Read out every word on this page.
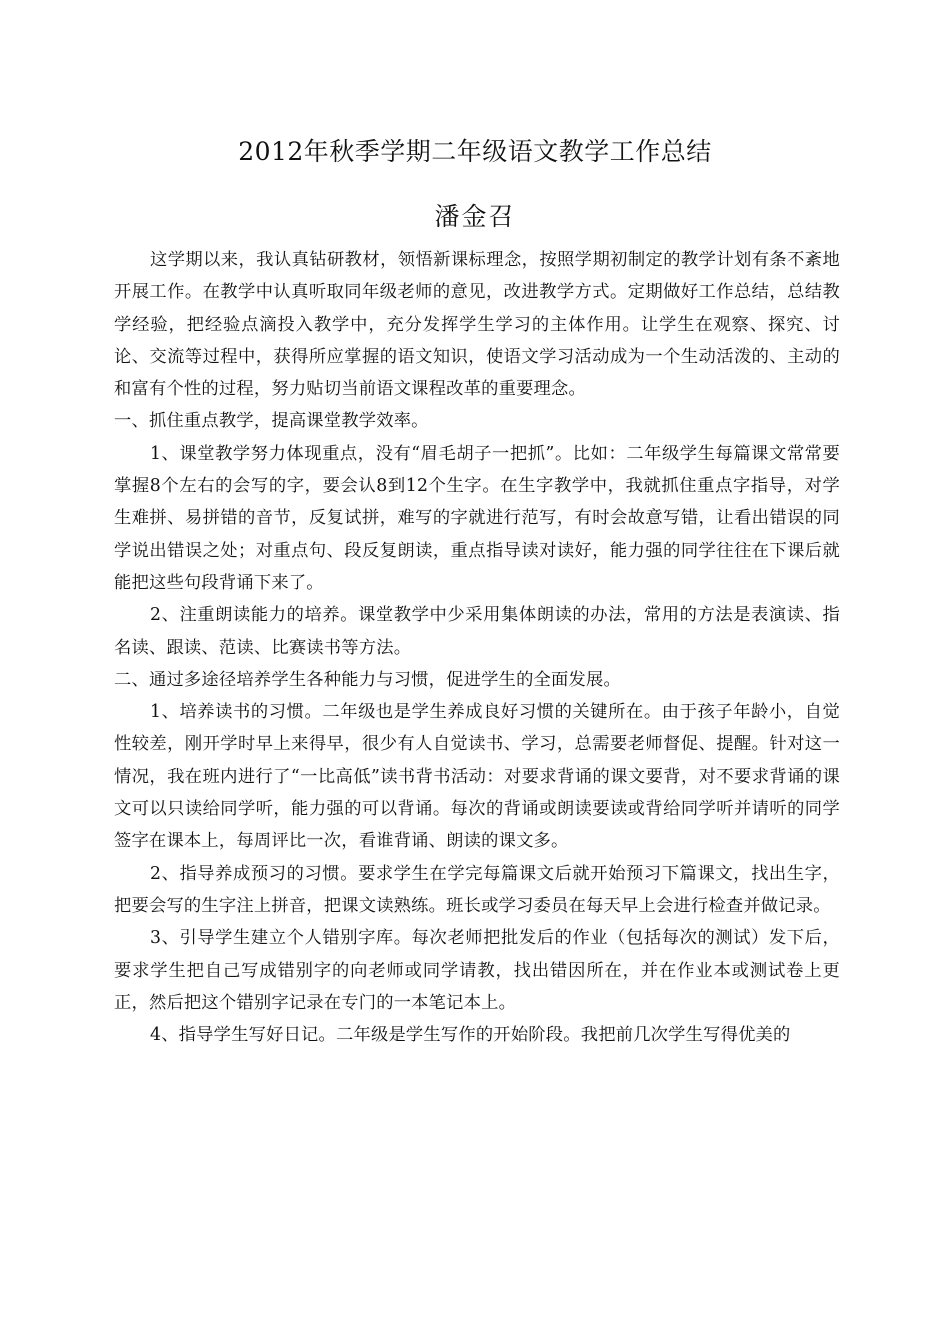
2012年秋季学期二年级语文教学工作总结
潘金召

这学期以来，我认真钻研教材，领悟新课标理念，按照学期初制定的教学计划有条不紊地开展工作。在教学中认真听取同年级老师的意见，改进教学方式。定期做好工作总结，总结教学经验，把经验点滴投入教学中，充分发挥学生学习的主体作用。让学生在观察、探究、讨论、交流等过程中，获得所应掌握的语文知识，使语文学习活动成为一个生动活泼的、主动的和富有个性的过程，努力贴切当前语文课程改革的重要理念。

一、抓住重点教学，提高课堂教学效率。

1、课堂教学努力体现重点，没有“眉毛胡子一把抓”。比如：二年级学生每篇课文常常要掌握8个左右的会写的字，要会认8到12个生字。在生字教学中，我就抓住重点字指导，对学生难拼、易拼错的音节，反复试拼，难写的字就进行范写，有时会故意写错，让看出错误的同学说出错误之处；对重点句、段反复朗读，重点指导读对读好，能力强的同学往往在下课后就能把这些句段背诵下来了。

2、注重朗读能力的培养。课堂教学中少采用集体朗读的办法，常用的方法是表演读、指名读、跟读、范读、比赛读书等方法。

二、通过多途径培养学生各种能力与习惯，促进学生的全面发展。

1、培养读书的习惯。二年级也是学生养成良好习惯的关键所在。由于孩子年龄小，自觉性较差，刚开学时早上来得早，很少有人自觉读书、学习，总需要老师督促、提醒。针对这一情况，我在班内进行了“一比高低”读书背书活动：对要求背诵的课文要背，对不要求背诵的课文可以只读给同学听，能力强的可以背诵。每次的背诵或朗读要读或背给同学听并请听的同学签字在课本上，每周评比一次，看谁背诵、朗读的课文多。

2、指导养成预习的习惯。要求学生在学完每篇课文后就开始预习下篇课文，找出生字，把要会写的生字注上拼音，把课文读熟练。班长或学习委员在每天早上会进行检查并做记录。

3、引导学生建立个人错别字库。每次老师把批发后的作业（包括每次的测试）发下后，要求学生把自己写成错别字的向老师或同学请教，找出错因所在，并在作业本或测试卷上更正，然后把这个错别字记录在专门的一本笔记本上。

4、指导学生写好日记。二年级是学生写作的开始阶段。我把前几次学生写得优美的
